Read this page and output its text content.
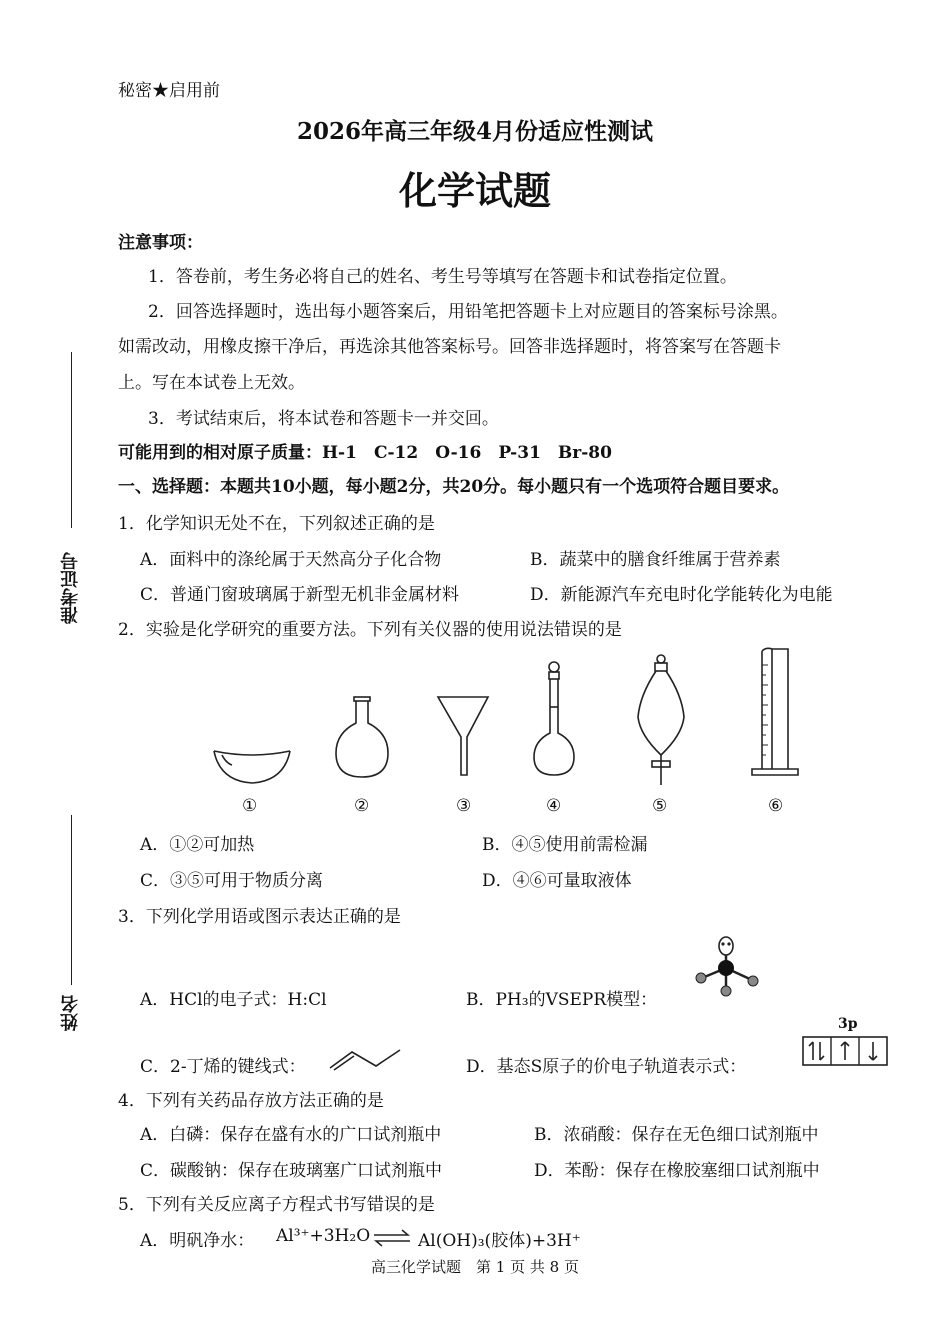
秘密★启用前
2026年高三年级4月份适应性测试
化学试题
准考证号
姓名
注意事项：
1．答卷前，考生务必将自己的姓名、考生号等填写在答题卡和试卷指定位置。
2．回答选择题时，选出每小题答案后，用铅笔把答题卡上对应题目的答案标号涂黑。
如需改动，用橡皮擦干净后，再选涂其他答案标号。回答非选择题时，将答案写在答题卡
上。写在本试卷上无效。
3．考试结束后，将本试卷和答题卡一并交回。
可能用到的相对原子质量：H-1　C-12　O-16　P-31　Br-80
一、选择题：本题共10小题，每小题2分，共20分。每小题只有一个选项符合题目要求。
1．化学知识无处不在，下列叙述正确的是
A．面料中的涤纶属于天然高分子化合物	B．蔬菜中的膳食纤维属于营养素
C．普通门窗玻璃属于新型无机非金属材料	D．新能源汽车充电时化学能转化为电能
2．实验是化学研究的重要方法。下列有关仪器的使用说法错误的是
①	②	③	④	⑤	⑥
A．①②可加热	B．④⑤使用前需检漏
C．③⑤可用于物质分离	D．④⑥可量取液体
3．下列化学用语或图示表达正确的是
A．HCl的电子式：H:Cl	B．PH₃的VSEPR模型：
C．2-丁烯的键线式：	D．基态S原子的价电子轨道表示式：
3p
4．下列有关药品存放方法正确的是
A．白磷：保存在盛有水的广口试剂瓶中	B．浓硝酸：保存在无色细口试剂瓶中
C．碳酸钠：保存在玻璃塞广口试剂瓶中	D．苯酚：保存在橡胶塞细口试剂瓶中
5．下列有关反应离子方程式书写错误的是
A．明矾净水： Al³⁺+3H₂O ⇌ Al(OH)₃(胶体)+3H⁺
高三化学试题　第 1 页 共 8 页
